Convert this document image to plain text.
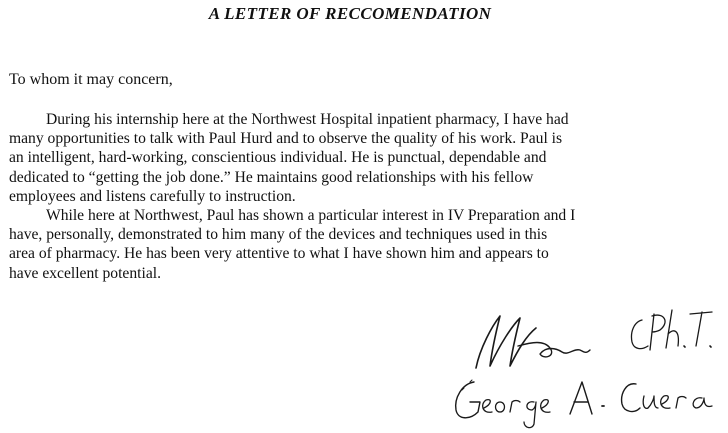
A LETTER OF RECCOMENDATION
To whom it may concern,
During his internship here at the Northwest Hospital inpatient pharmacy, I have had
many opportunities to talk with Paul Hurd and to observe the quality of his work. Paul is
an intelligent, hard-working, conscientious individual. He is punctual, dependable and
dedicated to “getting the job done.” He maintains good relationships with his fellow
employees and listens carefully to instruction.
While here at Northwest, Paul has shown a particular interest in IV Preparation and I
have, personally, demonstrated to him many of the devices and techniques used in this
area of pharmacy. He has been very attentive to what I have shown him and appears to
have excellent potential.
